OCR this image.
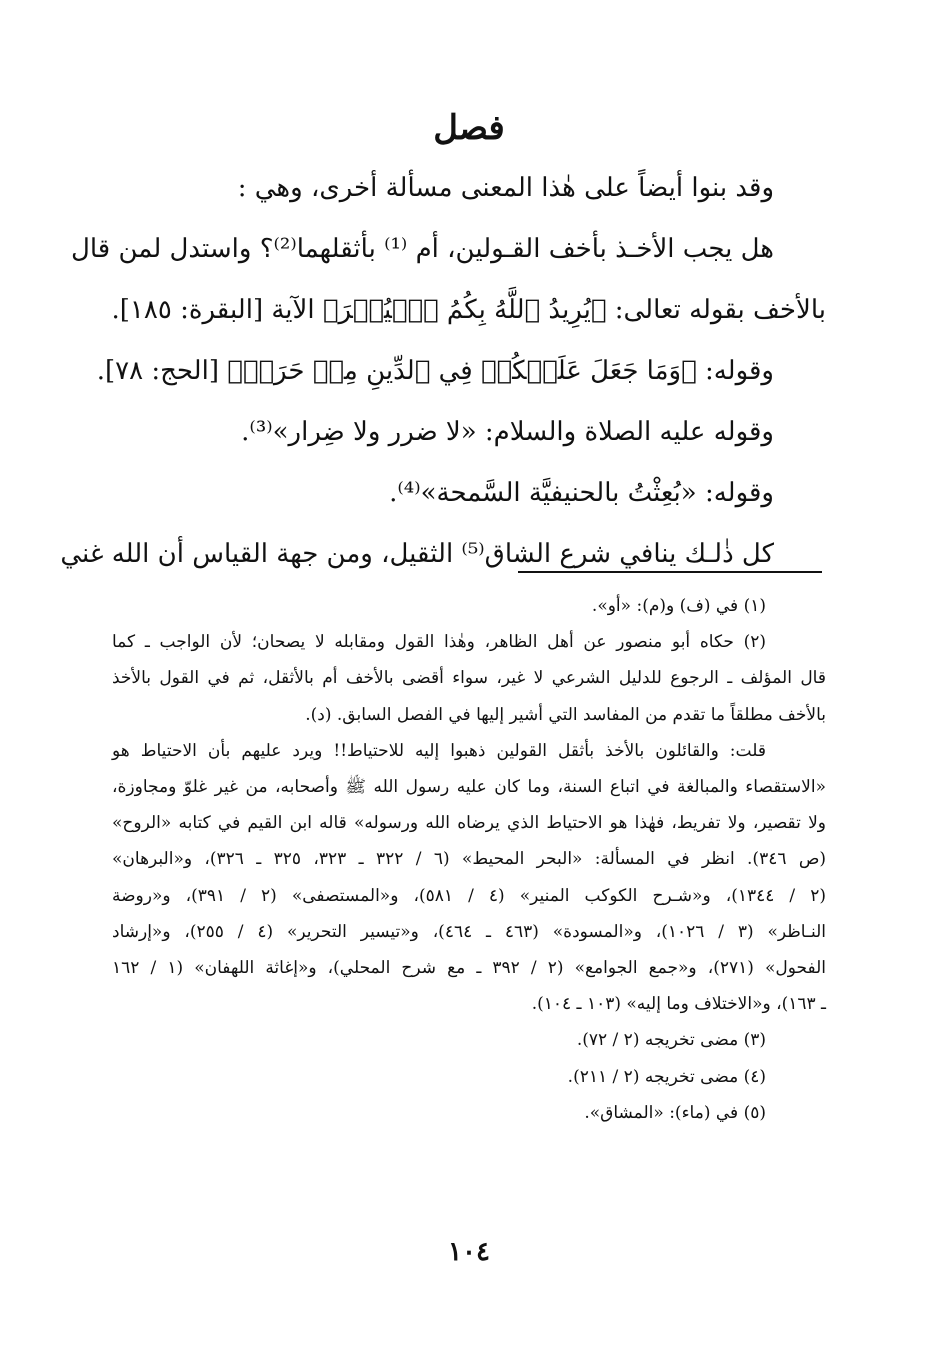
فصل

وقد بنوا أيضاً على هٰذا المعنى مسألة أخرى، وهي :

هل يجب الأخـذ بأخف القـولين، أم ⁽¹⁾ بأثقلهما⁽²⁾؟ واستدل لمن قال

بالأخف بقوله تعالى: ﴿يُرِيدُ ٱللَّهُ بِكُمُ ٱلۡيُسۡرَ﴾ الآية [البقرة: ١٨٥].

وقوله: ﴿وَمَا جَعَلَ عَلَيۡكُمۡ فِي ٱلدِّينِ مِنۡ حَرَجٖ﴾ [الحج: ٧٨].

وقوله عليه الصلاة والسلام: «لا ضرر ولا ضِرار»⁽³⁾.

وقوله: «بُعِثْتُ بالحنيفيَّة السَّمحة»⁽⁴⁾.

كل ذٰلـك ينافي شرع الشاق⁽⁵⁾ الثقيل، ومن جهة القياس أن الله غني

(١) في (ف) و(م): «أو».

(٢) حكاه أبو منصور عن أهل الظاهر، وهٰذا القول ومقابله لا يصحان؛ لأن الواجب ـ كما

قال المؤلف ـ الرجوع للدليل الشرعي لا غير، سواء أقضى بالأخف أم بالأثقل، ثم في القول بالأخذ

بالأخف مطلقاً ما تقدم من المفاسد التي أشير إليها في الفصل السابق. (د).

قلت: والقائلون بالأخذ بأثقل القولين ذهبوا إليه للاحتياط!! ويرد عليهم بأن الاحتياط هو

«الاستقصاء والمبالغة في اتباع السنة، وما كان عليه رسول الله ﷺ وأصحابه، من غير غلوّ ومجاوزة،

ولا تقصير، ولا تفريط، فهٰذا هو الاحتياط الذي يرضاه الله ورسوله» قاله ابن القيم في كتابه «الروح»

(ص ٣٤٦). انظر في المسألة: «البحر المحيط» (٦ / ٣٢٢ ـ ٣٢٣، ٣٢٥ ـ ٣٢٦)، و«البرهان»

(٢ / ١٣٤٤)، و«شـرح الكوكب المنير» (٤ / ٥٨١)، و«المستصفى» (٢ / ٣٩١)، و«روضة

النـاظر» (٣ / ١٠٢٦)، و«المسودة» (٤٦٣ ـ ٤٦٤)، و«تيسير التحرير» (٤ / ٢٥٥)، و«إرشاد

الفحول» (٢٧١)، و«جمع الجوامع» (٢ / ٣٩٢ ـ مع شرح المحلي)، و«إغاثة اللهفان» (١ / ١٦٢

ـ ١٦٣)، و«الاختلاف وما إليه» (١٠٣ ـ ١٠٤).

(٣) مضى تخريجه (٢ / ٧٢).

(٤) مضى تخريجه (٢ / ٢١١).

(٥) في (ماء): «المشاق».

١٠٤
